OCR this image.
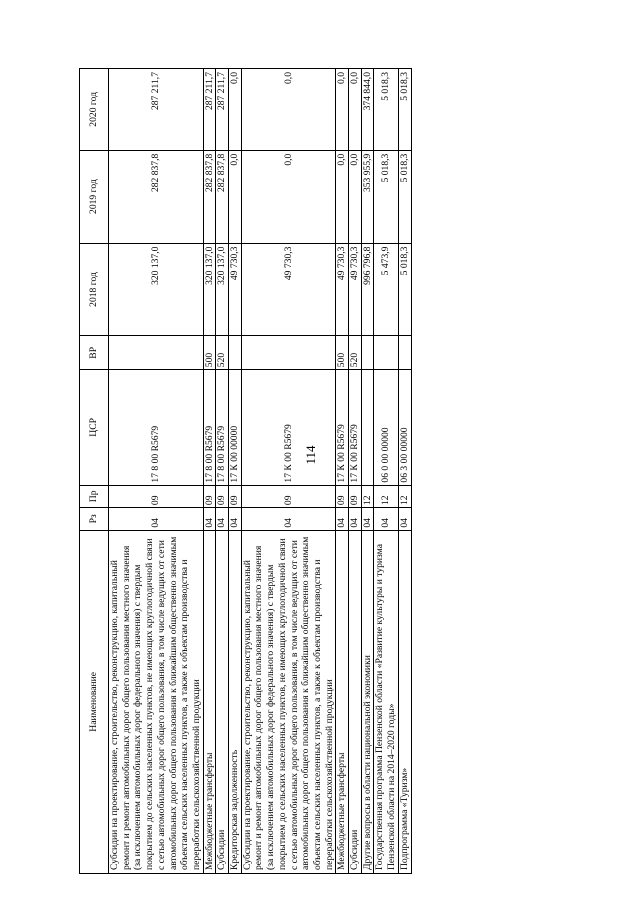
114
Наименование	Рз	Пр	ЦСР	ВР	2018 год	2019 год	2020 год
Субсидии на проектирование, строительство, реконструкцию, капитальный ремонт и ремонт автомобильных дорог общего пользования местного значения (за исключением автомобильных дорог федерального значения) с твердым покрытием до сельских населенных пунктов, не имеющих круглогодичной связи с сетью автомобильных дорог общего пользования, в том числе ведущих от сети автомобильных дорог общего пользования к ближайшим общественно значимым объектам сельских населенных пунктов, а также к объектам производства и переработки сельскохозяйственной продукции	04	09	17 8 00 R5679		320 137,0	282 837,8	287 211,7
Межбюджетные трансферты	04	09	17 8 00 R5679	500	320 137,0	282 837,8	287 211,7
Субсидии	04	09	17 8 00 R5679	520	320 137,0	282 837,8	287 211,7
Кредиторская задолженность	04	09	17 К 00 00000		49 730,3	0,0	0,0
Субсидии на проектирование, строительство, реконструкцию, капитальный ремонт и ремонт автомобильных дорог общего пользования местного значения (за исключением автомобильных дорог федерального значения) с твердым покрытием до сельских населенных пунктов, не имеющих круглогодичной связи с сетью автомобильных дорог общего пользования, в том числе ведущих от сети автомобильных дорог общего пользования к ближайшим общественно значимым объектам сельских населенных пунктов, а также к объектам производства и переработки сельскохозяйственной продукции	04	09	17 К 00 R5679		49 730,3	0,0	0,0
Межбюджетные трансферты	04	09	17 К 00 R5679	500	49 730,3	0,0	0,0
Субсидии	04	09	17 К 00 R5679	520	49 730,3	0,0	0,0
Другие вопросы в области национальной экономики	04	12			996 796,8	353 955,9	374 844,0
Государственная программа Пензенской области «Развитие культуры и туризма Пензенской области на 2014–2020 годы»	04	12	06 0 00 00000		5 473,9	5 018,3	5 018,3
Подпрограмма «Туризм»	04	12	06 3 00 00000		5 018,3	5 018,3	5 018,3
